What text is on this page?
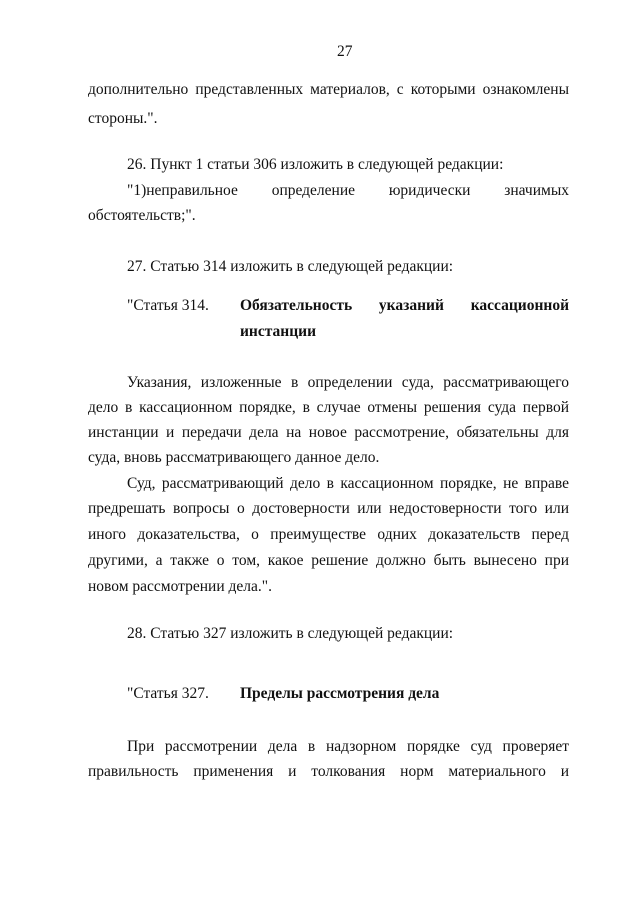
27
дополнительно представленных материалов, с которыми ознакомлены
стороны.".
26. Пункт 1 статьи 306 изложить в следующей редакции:
"1)неправильное определение юридически значимых
обстоятельств;".
27. Статью 314 изложить в следующей редакции:
"Статья 314. Обязательность указаний кассационной
инстанции
Указания, изложенные в определении суда, рассматривающего
дело в кассационном порядке, в случае отмены решения суда первой
инстанции и передачи дела на новое рассмотрение, обязательны для
суда, вновь рассматривающего данное дело.
Суд, рассматривающий дело в кассационном порядке, не вправе
предрешать вопросы о достоверности или недостоверности того или
иного доказательства, о преимуществе одних доказательств перед
другими, а также о том, какое решение должно быть вынесено при
новом рассмотрении дела.".
28. Статью 327 изложить в следующей редакции:
"Статья 327. Пределы рассмотрения дела
При рассмотрении дела в надзорном порядке суд проверяет
правильность применения и толкования норм материального и
